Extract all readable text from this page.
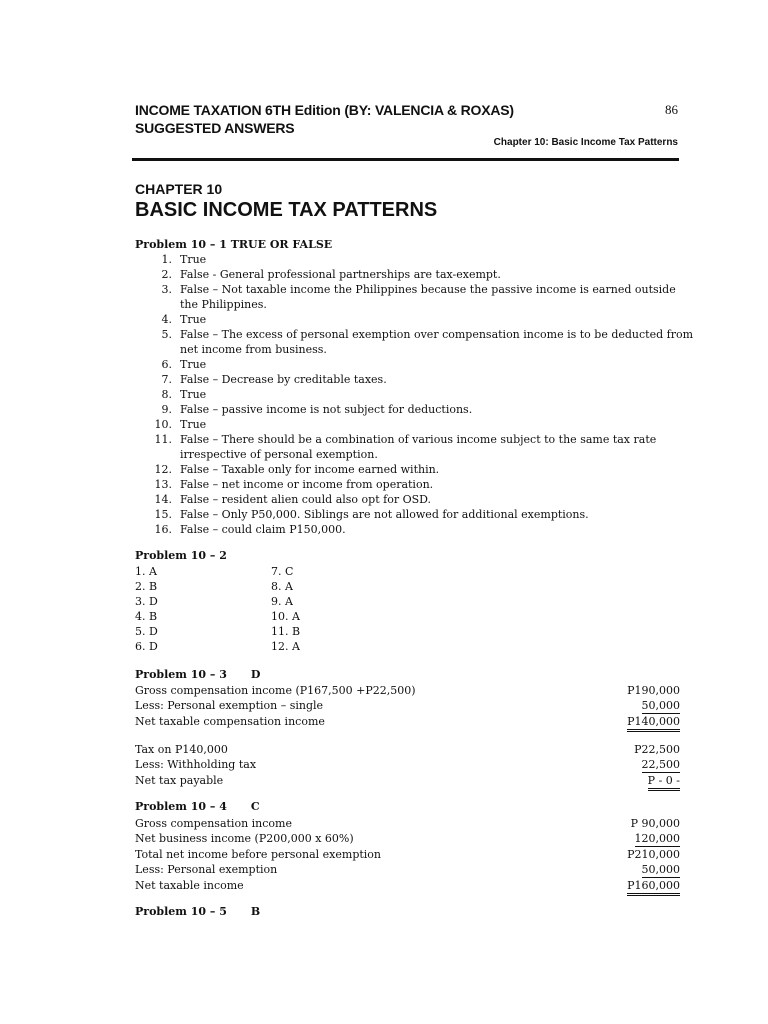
INCOME TAXATION 6TH Edition (BY: VALENCIA & ROXAS)
SUGGESTED ANSWERS
86
Chapter 10: Basic Income Tax Patterns
CHAPTER 10
BASIC INCOME TAX PATTERNS
Problem 10 – 1 TRUE OR FALSE
1. True
2. False - General professional partnerships are tax-exempt.
3. False – Not taxable income the Philippines because the passive income is earned outside the Philippines.
4. True
5. False – The excess of personal exemption over compensation income is to be deducted from net income from business.
6. True
7. False – Decrease by creditable taxes.
8. True
9. False – passive income is not subject for deductions.
10. True
11. False – There should be a combination of various income subject to the same tax rate irrespective of personal exemption.
12. False – Taxable only for income earned within.
13. False – net income or income from operation.
14. False – resident alien could also opt for OSD.
15. False – Only P50,000. Siblings are not allowed for additional exemptions.
16. False – could claim P150,000.
Problem 10 – 2
1. A	7. C
2. B	8. A
3. D	9. A
4. B	10. A
5. D	11. B
6. D	12. A
Problem 10 – 3 D
Gross compensation income (P167,500 +P22,500)	P190,000
Less: Personal exemption – single	50,000
Net taxable compensation income	P140,000
Tax on P140,000	P22,500
Less: Withholding tax	22,500
Net tax payable	P - 0 -
Problem 10 – 4 C
Gross compensation income	P 90,000
Net business income (P200,000 x 60%)	120,000
Total net income before personal exemption	P210,000
Less: Personal exemption	50,000
Net taxable income	P160,000
Problem 10 – 5 B
